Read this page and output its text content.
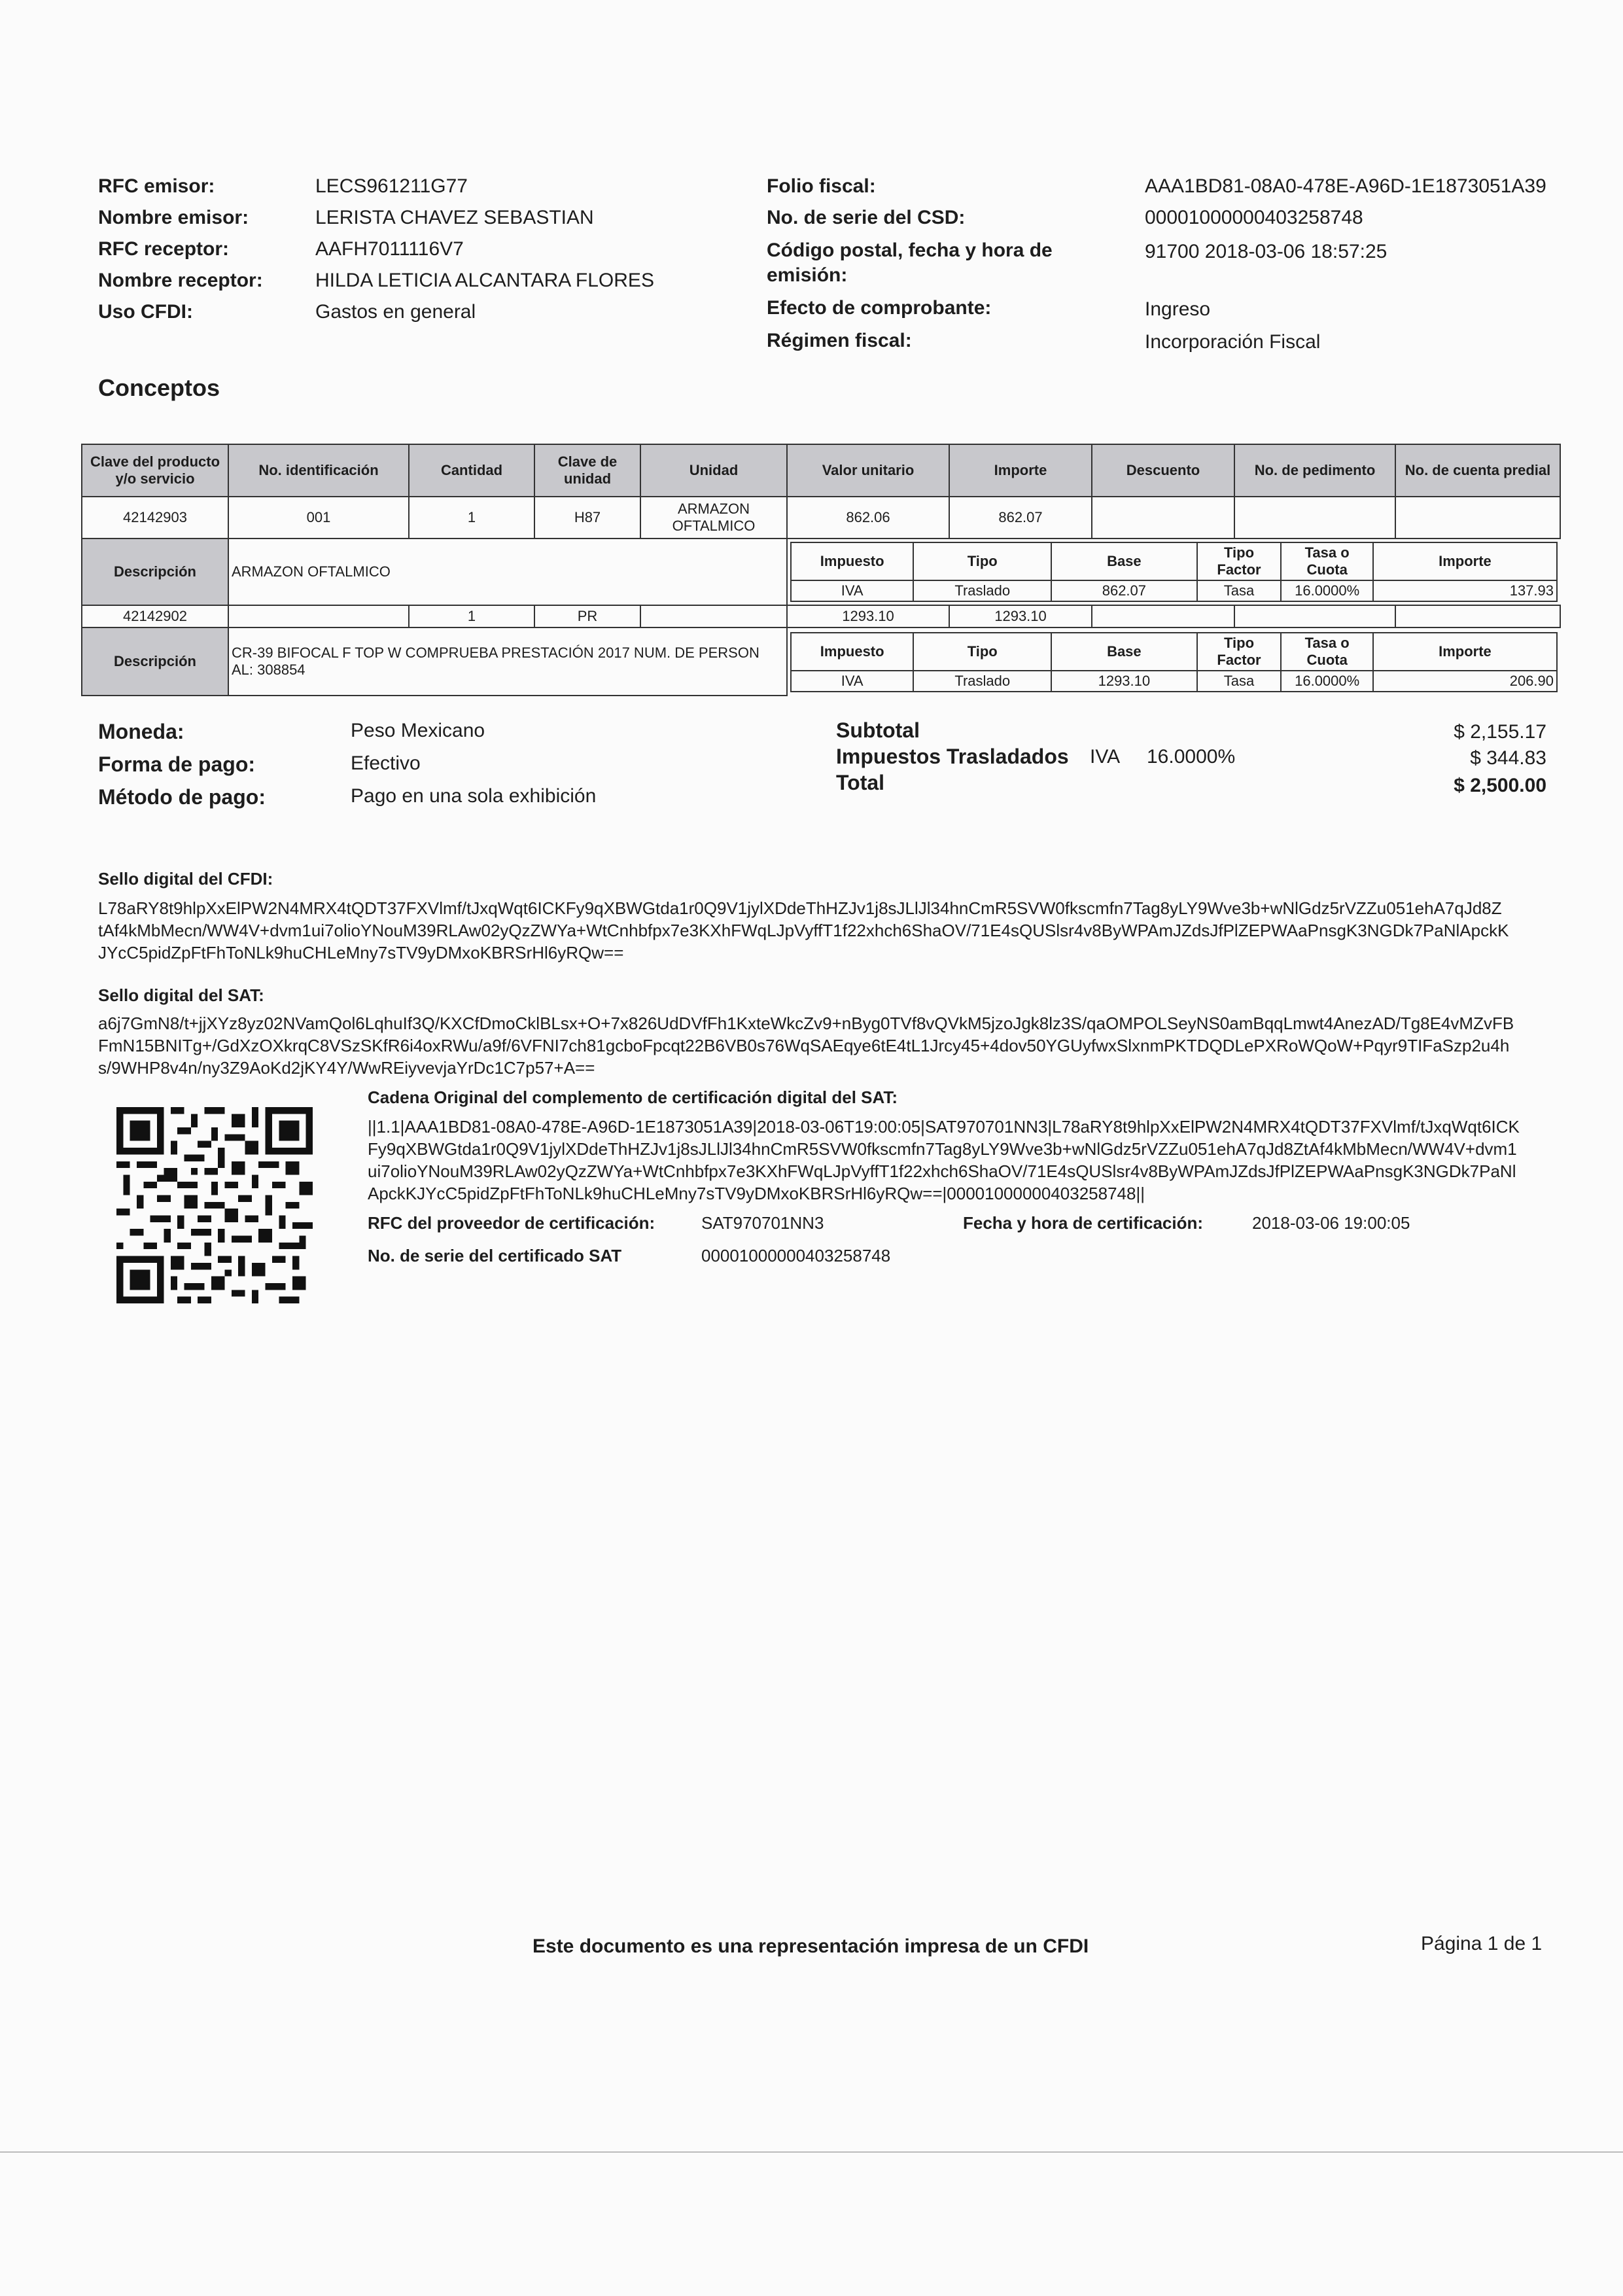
RFC emisor:	LECS961211G77
Nombre emisor:	LERISTA CHAVEZ SEBASTIAN
RFC receptor:	AAFH7011116V7
Nombre receptor:	HILDA LETICIA ALCANTARA FLORES
Uso CFDI:	Gastos en general
Folio fiscal:	AAA1BD81-08A0-478E-A96D-1E1873051A39
No. de serie del CSD:	00001000000403258748
Código postal, fecha y hora de
emisión:
91700 2018-03-06 18:57:25
Efecto de comprobante:	Ingreso
Régimen fiscal:	Incorporación Fiscal
Conceptos
Clave del producto y/o servicio	No. identificación	Cantidad	Clave de unidad	Unidad	Valor unitario	Importe	Descuento	No. de pedimento	No. de cuenta predial
42142903	001	1	H87	ARMAZON OFTALMICO	862.06	862.07			
Descripción	ARMAZON OFTALMICO	
Impuesto	Tipo	Base	Tipo Factor	Tasa o Cuota	Importe
IVA	Traslado	862.07	Tasa	16.0000%	137.93

42142902		1	PR		1293.10	1293.10			
Descripción	CR-39 BIFOCAL F TOP W COMPRUEBA PRESTACIÓN 2017 NUM. DE PERSON AL: 308854	
Impuesto	Tipo	Base	Tipo Factor	Tasa o Cuota	Importe
IVA	Traslado	1293.10	Tasa	16.0000%	206.90
Moneda:	Peso Mexicano
Forma de pago:	Efectivo
Método de pago:	Pago en una sola exhibición
Subtotal	$ 2,155.17
Impuestos Trasladados IVA 16.0000%	$ 344.83
Total	$ 2,500.00
Sello digital del CFDI:
L78aRY8t9hlpXxElPW2N4MRX4tQDT37FXVlmf/tJxqWqt6ICKFy9qXBWGtda1r0Q9V1jylXDdeThHZJv1j8sJLlJl34hnCmR5SVW0fkscmfn7Tag8yLY9Wve3b+wNlGdz5rVZZu051ehA7qJd8Z
tAf4kMbMecn/WW4V+dvm1ui7olioYNouM39RLAw02yQzZWYa+WtCnhbfpx7e3KXhFWqLJpVyffT1f22xhch6ShaOV/71E4sQUSlsr4v8ByWPAmJZdsJfPlZEPWAaPnsgK3NGDk7PaNlApckK
JYcC5pidZpFtFhToNLk9huCHLeMny7sTV9yDMxoKBRSrHl6yRQw==
Sello digital del SAT:
a6j7GmN8/t+jjXYz8yz02NVamQol6LqhuIf3Q/KXCfDmoCklBLsx+O+7x826UdDVfFh1KxteWkcZv9+nByg0TVf8vQVkM5jzoJgk8lz3S/qaOMPOLSeyNS0amBqqLmwt4AnezAD/Tg8E4vMZvFB
FmN15BNITg+/GdXzOXkrqC8VSzSKfR6i4oxRWu/a9f/6VFNI7ch81gcboFpcqt22B6VB0s76WqSAEqye6tE4tL1Jrcy45+4dov50YGUyfwxSlxnmPKTDQDLePXRoWQoW+Pqyr9TIFaSzp2u4h
s/9WHP8v4n/ny3Z9AoKd2jKY4Y/WwREiyvevjaYrDc1C7p57+A==
Cadena Original del complemento de certificación digital del SAT:
||1.1|AAA1BD81-08A0-478E-A96D-1E1873051A39|2018-03-06T19:00:05|SAT970701NN3|L78aRY8t9hlpXxElPW2N4MRX4tQDT37FXVlmf/tJxqWqt6ICK
Fy9qXBWGtda1r0Q9V1jylXDdeThHZJv1j8sJLlJl34hnCmR5SVW0fkscmfn7Tag8yLY9Wve3b+wNlGdz5rVZZu051ehA7qJd8ZtAf4kMbMecn/WW4V+dvm1
ui7olioYNouM39RLAw02yQzZWYa+WtCnhbfpx7e3KXhFWqLJpVyffT1f22xhch6ShaOV/71E4sQUSlsr4v8ByWPAmJZdsJfPlZEPWAaPnsgK3NGDk7PaNl
ApckKJYcC5pidZpFtFhToNLk9huCHLeMny7sTV9yDMxoKBRSrHl6yRQw==|00001000000403258748||
RFC del proveedor de certificación:	SAT970701NN3	Fecha y hora de certificación:	2018-03-06 19:00:05
No. de serie del certificado SAT	00001000000403258748
Este documento es una representación impresa de un CFDI	Página 1 de 1
